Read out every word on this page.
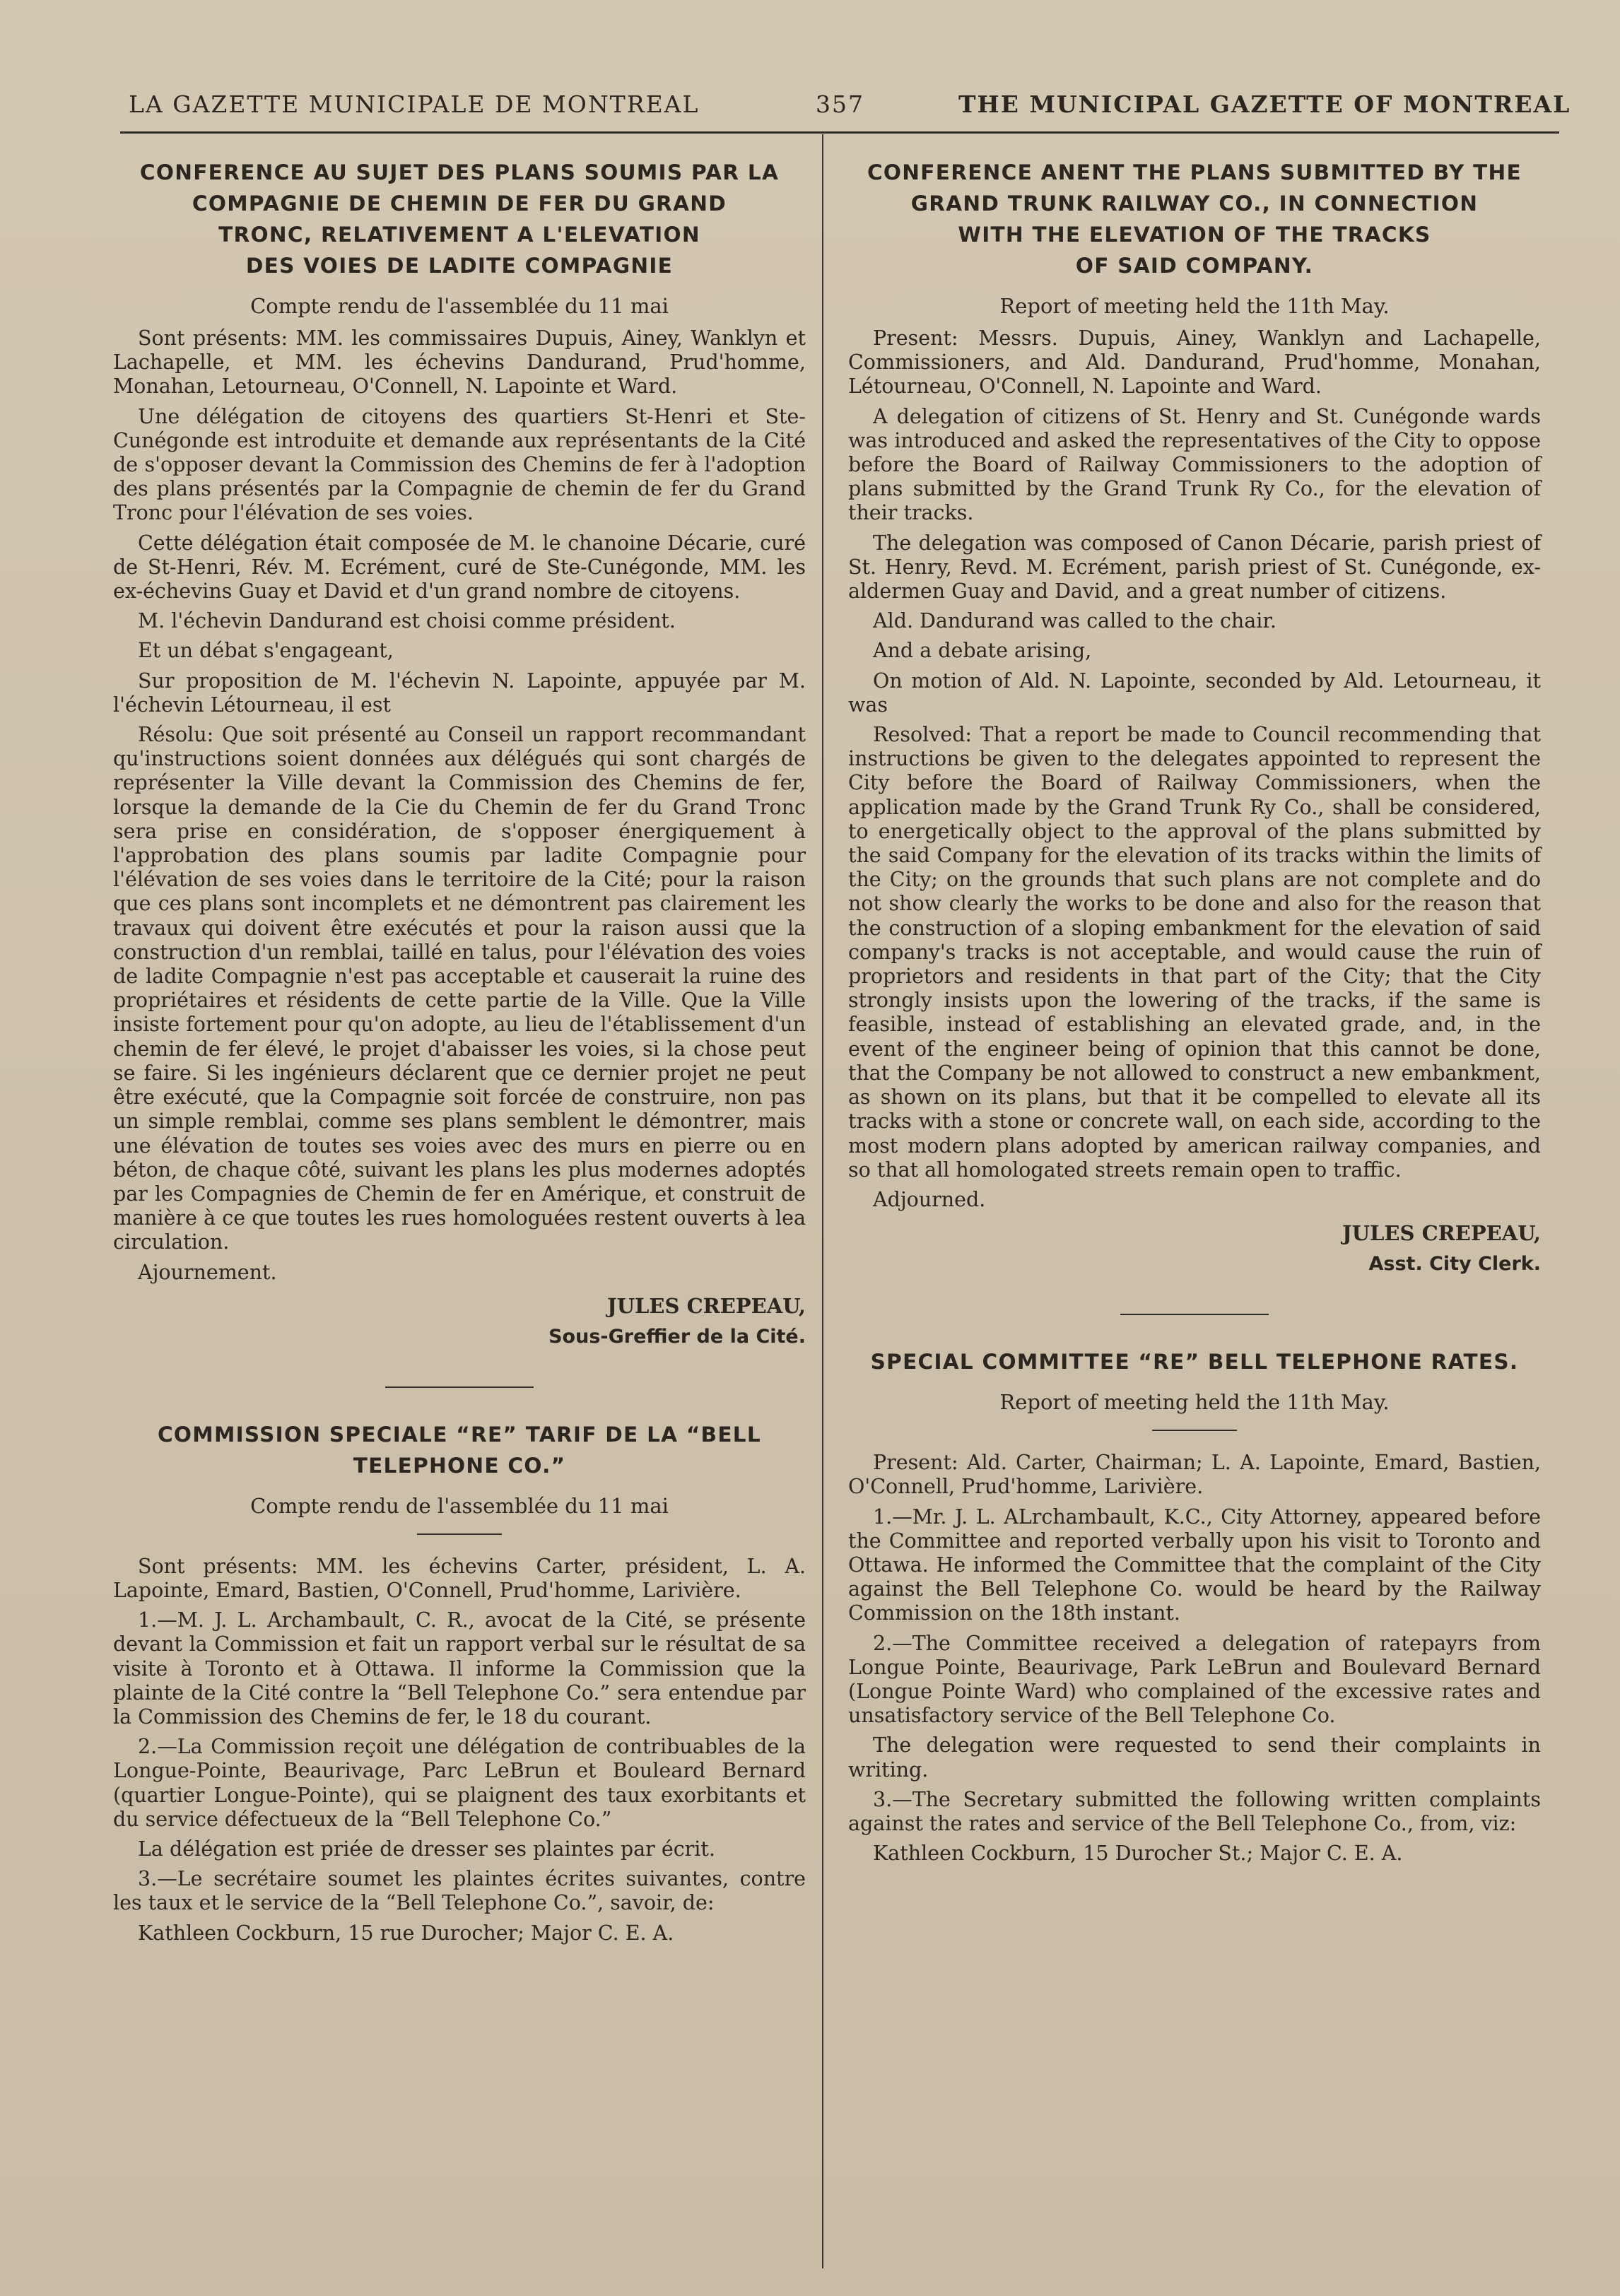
LA GAZETTE MUNICIPALE DE MONTREAL	357	THE MUNICIPAL GAZETTE OF MONTREAL
CONFERENCE AU SUJET DES PLANS SOUMIS PAR LA
COMPAGNIE DE CHEMIN DE FER DU GRAND
TRONC, RELATIVEMENT A L'ELEVATION
DES VOIES DE LADITE COMPAGNIE
Compte rendu de l'assemblée du 11 mai

Sont présents: MM. les commissaires Dupuis, Ainey, Wanklyn et Lachapelle, et MM. les échevins Dandurand, Prud'homme, Monahan, Letourneau, O'Connell, N. Lapointe et Ward.

Une délégation de citoyens des quartiers St-Henri et Ste-Cunégonde est introduite et demande aux représentants de la Cité de s'opposer devant la Commission des Chemins de fer à l'adoption des plans présentés par la Compagnie de chemin de fer du Grand Tronc pour l'élévation de ses voies.

Cette délégation était composée de M. le chanoine Décarie, curé de St-Henri, Rév. M. Ecrément, curé de Ste-Cunégonde, MM. les ex-échevins Guay et David et d'un grand nombre de citoyens.

M. l'échevin Dandurand est choisi comme président.

Et un débat s'engageant,

Sur proposition de M. l'échevin N. Lapointe, appuyée par M. l'échevin Létourneau, il est

Résolu: Que soit présenté au Conseil un rapport recommandant qu'instructions soient données aux délégués qui sont chargés de représenter la Ville devant la Commission des Chemins de fer, lorsque la demande de la Cie du Chemin de fer du Grand Tronc sera prise en considération, de s'opposer énergiquement à l'approbation des plans soumis par ladite Compagnie pour l'élévation de ses voies dans le territoire de la Cité; pour la raison que ces plans sont incomplets et ne démontrent pas clairement les travaux qui doivent être exécutés et pour la raison aussi que la construction d'un remblai, taillé en talus, pour l'élévation des voies de ladite Compagnie n'est pas acceptable et causerait la ruine des propriétaires et résidents de cette partie de la Ville. Que la Ville insiste fortement pour qu'on adopte, au lieu de l'établissement d'un chemin de fer élevé, le projet d'abaisser les voies, si la chose peut se faire. Si les ingénieurs déclarent que ce dernier projet ne peut être exécuté, que la Compagnie soit forcée de construire, non pas un simple remblai, comme ses plans semblent le démontrer, mais une élévation de toutes ses voies avec des murs en pierre ou en béton, de chaque côté, suivant les plans les plus modernes adoptés par les Compagnies de Chemin de fer en Amérique, et construit de manière à ce que toutes les rues homologuées restent ouverts à lea circulation.

Ajournement.

JULES CREPEAU,
Sous-Greffier de la Cité.
COMMISSION SPECIALE “RE” TARIF DE LA “BELL
TELEPHONE CO.”
Compte rendu de l'assemblée du 11 mai

Sont présents: MM. les échevins Carter, président, L. A. Lapointe, Emard, Bastien, O'Connell, Prud'homme, Larivière.

1.—M. J. L. Archambault, C. R., avocat de la Cité, se présente devant la Commission et fait un rapport verbal sur le résultat de sa visite à Toronto et à Ottawa. Il informe la Commission que la plainte de la Cité contre la “Bell Telephone Co.” sera entendue par la Commission des Chemins de fer, le 18 du courant.

2.—La Commission reçoit une délégation de contribuables de la Longue-Pointe, Beaurivage, Parc LeBrun et Bouleard Bernard (quartier Longue-Pointe), qui se plaignent des taux exorbitants et du service défectueux de la “Bell Telephone Co.”

La délégation est priée de dresser ses plaintes par écrit.

3.—Le secrétaire soumet les plaintes écrites suivantes, contre les taux et le service de la “Bell Telephone Co.”, savoir, de:

Kathleen Cockburn, 15 rue Durocher; Major C. E. A.

CONFERENCE ANENT THE PLANS SUBMITTED BY THE
GRAND TRUNK RAILWAY CO., IN CONNECTION
WITH THE ELEVATION OF THE TRACKS
OF SAID COMPANY.
Report of meeting held the 11th May.

Present: Messrs. Dupuis, Ainey, Wanklyn and Lachapelle, Commissioners, and Ald. Dandurand, Prud'homme, Monahan, Létourneau, O'Connell, N. Lapointe and Ward.

A delegation of citizens of St. Henry and St. Cunégonde wards was introduced and asked the representatives of the City to oppose before the Board of Railway Commissioners to the adoption of plans submitted by the Grand Trunk Ry Co., for the elevation of their tracks.

The delegation was composed of Canon Décarie, parish priest of St. Henry, Revd. M. Ecrément, parish priest of St. Cunégonde, ex-aldermen Guay and David, and a great number of citizens.

Ald. Dandurand was called to the chair.

And a debate arising,

On motion of Ald. N. Lapointe, seconded by Ald. Letourneau, it was

Resolved: That a report be made to Council recommending that instructions be given to the delegates appointed to represent the City before the Board of Railway Commissioners, when the application made by the Grand Trunk Ry Co., shall be considered, to energetically object to the approval of the plans submitted by the said Company for the elevation of its tracks within the limits of the City; on the grounds that such plans are not complete and do not show clearly the works to be done and also for the reason that the construction of a sloping embankment for the elevation of said company's tracks is not acceptable, and would cause the ruin of proprietors and residents in that part of the City; that the City strongly insists upon the lowering of the tracks, if the same is feasible, instead of establishing an elevated grade, and, in the event of the engineer being of opinion that this cannot be done, that the Company be not allowed to construct a new embankment, as shown on its plans, but that it be compelled to elevate all its tracks with a stone or concrete wall, on each side, according to the most modern plans adopted by american railway companies, and so that all homologated streets remain open to traffic.

Adjourned.

JULES CREPEAU,
Asst. City Clerk.
SPECIAL COMMITTEE “RE” BELL TELEPHONE RATES.
Report of meeting held the 11th May.

Present: Ald. Carter, Chairman; L. A. Lapointe, Emard, Bastien, O'Connell, Prud'homme, Larivière.

1.—Mr. J. L. ALrchambault, K.C., City Attorney, appeared before the Committee and reported verbally upon his visit to Toronto and Ottawa. He informed the Committee that the complaint of the City against the Bell Telephone Co. would be heard by the Railway Commission on the 18th instant.

2.—The Committee received a delegation of ratepayrs from Longue Pointe, Beaurivage, Park LeBrun and Boulevard Bernard (Longue Pointe Ward) who complained of the excessive rates and unsatisfactory service of the Bell Telephone Co.

The delegation were requested to send their complaints in writing.

3.—The Secretary submitted the following written complaints against the rates and service of the Bell Telephone Co., from, viz:

Kathleen Cockburn, 15 Durocher St.; Major C. E. A.
